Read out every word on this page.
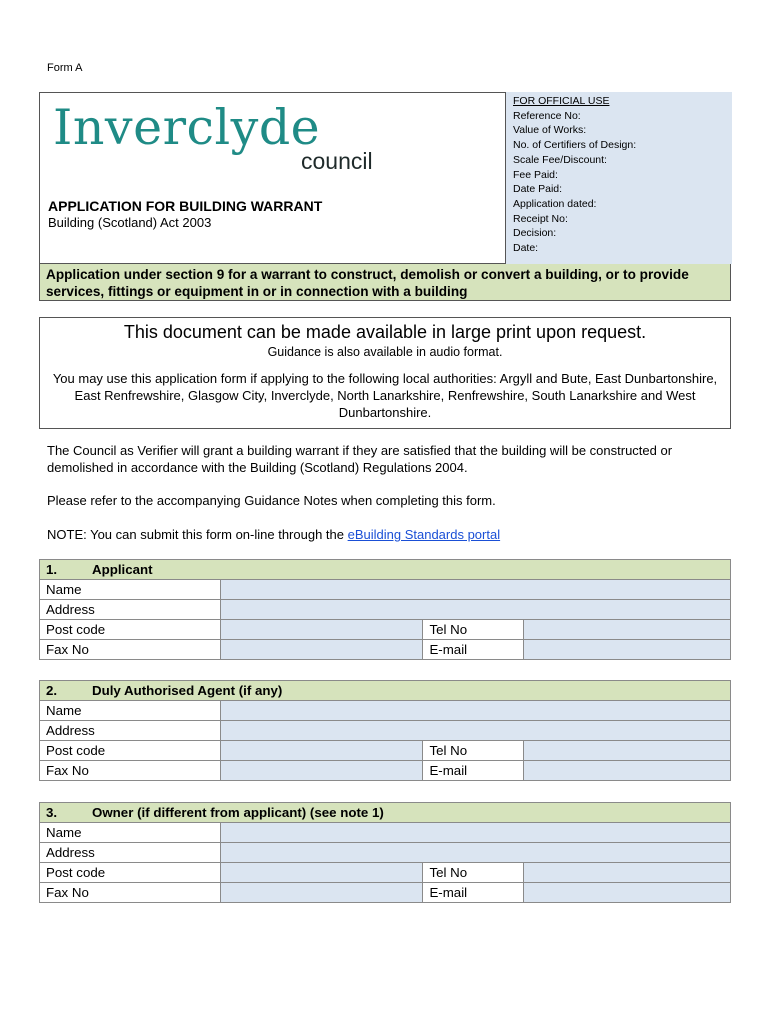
Form A
Inverclyde
council
APPLICATION FOR BUILDING WARRANT
Building (Scotland) Act 2003
FOR OFFICIAL USE
Reference No:
Value of Works:
No. of Certifiers of Design:
Scale Fee/Discount:
Fee Paid:
Date Paid:
Application dated:
Receipt No:
Decision:
Date:
Application under section 9 for a warrant to construct, demolish or convert a building, or to provide services, fittings or equipment in or in connection with a building
This document can be made available in large print upon request.
Guidance is also available in audio format.
You may use this application form if applying to the following local authorities: Argyll and Bute, East Dunbartonshire, East Renfrewshire, Glasgow City, Inverclyde, North Lanarkshire, Renfrewshire, South Lanarkshire and West Dunbartonshire.
The Council as Verifier will grant a building warrant if they are satisfied that the building will be constructed or demolished in accordance with the Building (Scotland) Regulations 2004.
Please refer to the accompanying Guidance Notes when completing this form.
NOTE: You can submit this form on-line through the eBuilding Standards portal
1. Applicant			
Name			
Address			
Post code		Tel No	
Fax No		E-mail	
2. Duly Authorised Agent (if any)			
Name			
Address			
Post code		Tel No	
Fax No		E-mail	
3. Owner (if different from applicant) (see note 1)			
Name			
Address			
Post code		Tel No	
Fax No		E-mail	
